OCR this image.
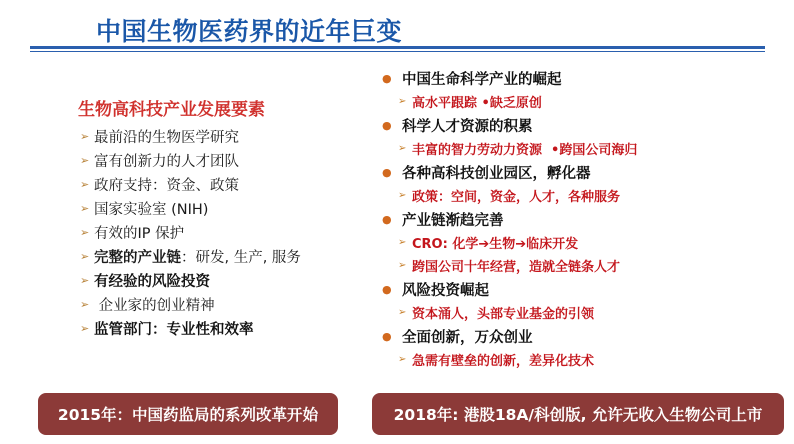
中国生物医药界的近年巨变
生物高科技产业发展要素
➢ 最前沿的生物医学研究
➢ 富有创新力的人才团队
➢ 政府支持：资金、政策
➢ 国家实验室 (NIH)
➢ 有效的IP 保护
➢ 完整的产业链 ：研发, 生产, 服务
➢ 有经验的风险投资
➢ 企业家的创业精神
➢ 监管部门：专业性和效率
● 中国生命科学产业的崛起
➢ 高水平跟踪 •缺乏原创
● 科学人才资源的积累
➢ 丰富的智力劳动力资源  •跨国公司海归
● 各种高科技创业园区，孵化器
➢ 政策：空间，资金，人才，各种服务
● 产业链渐趋完善
➢ CRO: 化学➔生物➔临床开发
➢ 跨国公司十年经营，造就全链条人才
● 风险投资崛起
➢ 资本涌人，头部专业基金的引领
● 全面创新，万众创业
➢ 急需有壁垒的创新，差异化技术
2015年：中国药监局的系列改革开始	2018年: 港股18A/科创版, 允许无收入生物公司上市
